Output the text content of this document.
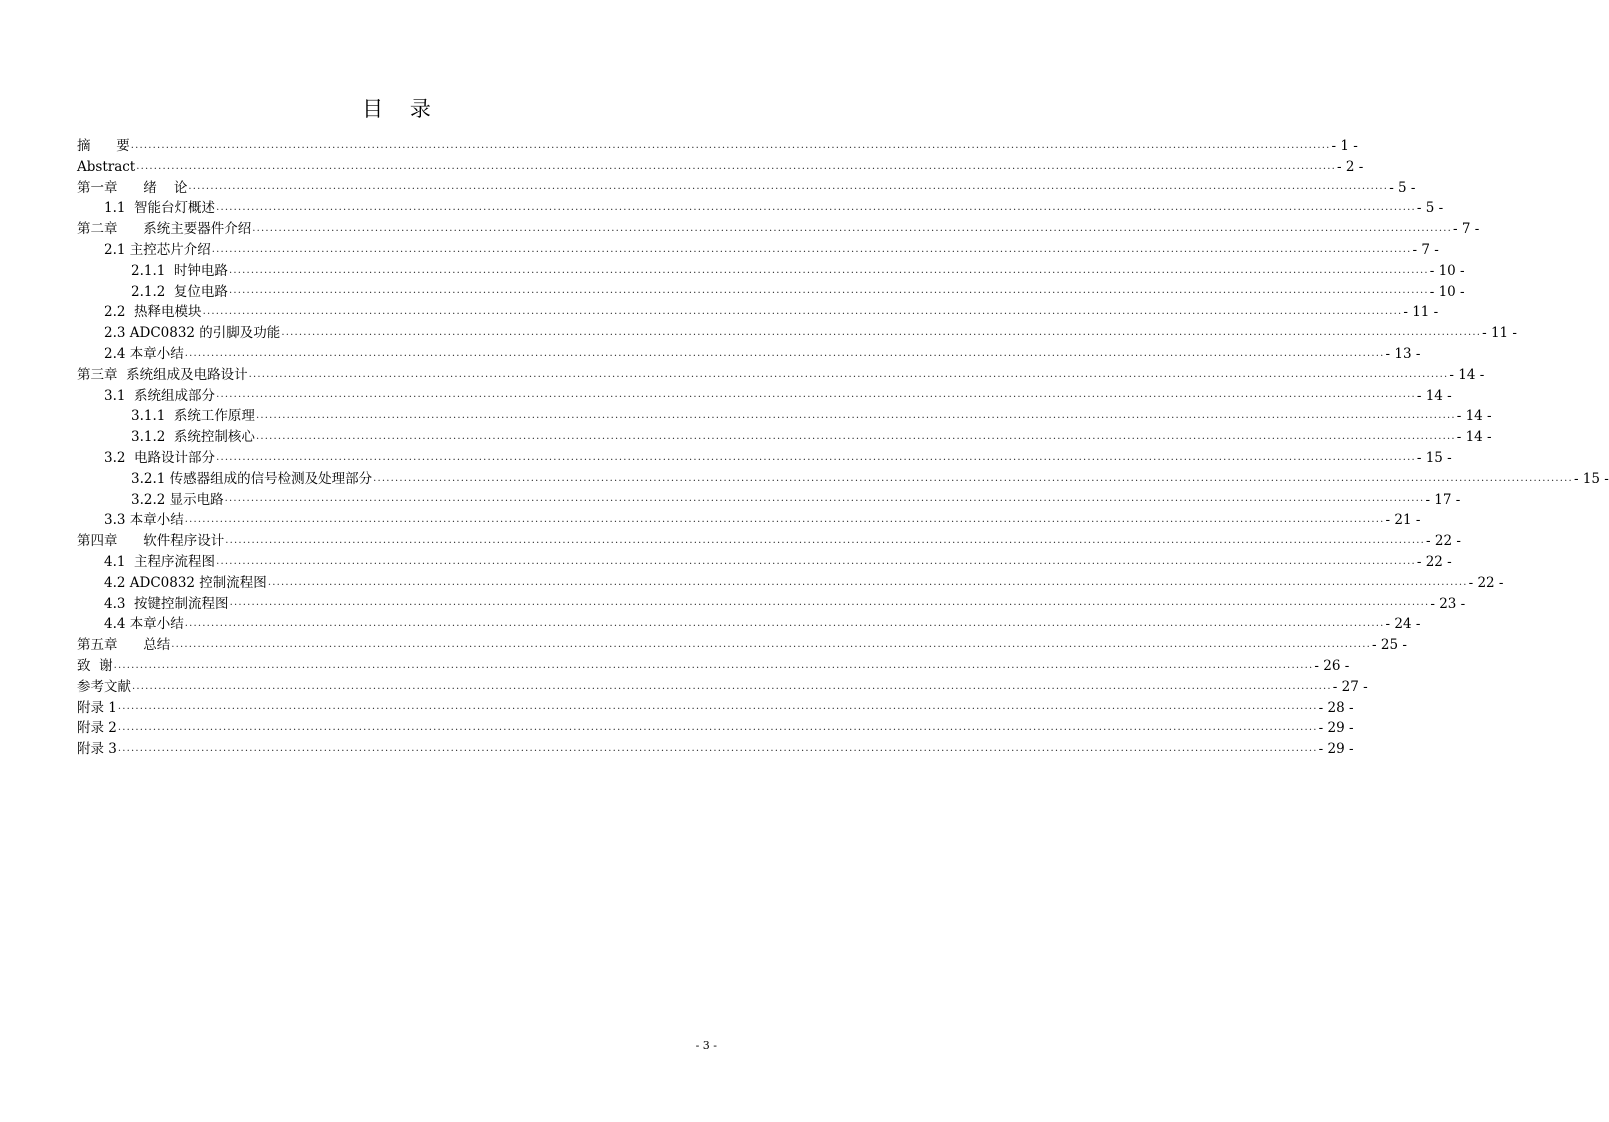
目    录
摘      要 .................................................................................................................................................................................................................................................................................. - 1 -
Abstract .................................................................................................................................................................................................................................................................................. - 2 -
第一章      绪    论 .................................................................................................................................................................................................................................................................................. - 5 -
1.1  智能台灯概述 .................................................................................................................................................................................................................................................................................. - 5 -
第二章      系统主要器件介绍 .................................................................................................................................................................................................................................................................................. - 7 -
2.1 主控芯片介绍 .................................................................................................................................................................................................................................................................................. - 7 -
2.1.1  时钟电路 .................................................................................................................................................................................................................................................................................. - 10 -
2.1.2  复位电路 .................................................................................................................................................................................................................................................................................. - 10 -
2.2  热释电模块 .................................................................................................................................................................................................................................................................................. - 11 -
2.3 ADC0832 的引脚及功能 .................................................................................................................................................................................................................................................................................. - 11 -
2.4 本章小结 .................................................................................................................................................................................................................................................................................. - 13 -
第三章  系统组成及电路设计 .................................................................................................................................................................................................................................................................................. - 14 -
3.1  系统组成部分 .................................................................................................................................................................................................................................................................................. - 14 -
3.1.1  系统工作原理 .................................................................................................................................................................................................................................................................................. - 14 -
3.1.2  系统控制核心 .................................................................................................................................................................................................................................................................................. - 14 -
3.2  电路设计部分 .................................................................................................................................................................................................................................................................................. - 15 -
3.2.1 传感器组成的信号检测及处理部分 .................................................................................................................................................................................................................................................................................. - 15 -
3.2.2 显示电路 .................................................................................................................................................................................................................................................................................. - 17 -
3.3 本章小结 .................................................................................................................................................................................................................................................................................. - 21 -
第四章      软件程序设计 .................................................................................................................................................................................................................................................................................. - 22 -
4.1  主程序流程图 .................................................................................................................................................................................................................................................................................. - 22 -
4.2 ADC0832 控制流程图 .................................................................................................................................................................................................................................................................................. - 22 -
4.3  按键控制流程图 .................................................................................................................................................................................................................................................................................. - 23 -
4.4 本章小结 .................................................................................................................................................................................................................................................................................. - 24 -
第五章      总结 .................................................................................................................................................................................................................................................................................. - 25 -
致  谢 .................................................................................................................................................................................................................................................................................. - 26 -
参考文献 .................................................................................................................................................................................................................................................................................. - 27 -
附录 1 .................................................................................................................................................................................................................................................................................. - 28 -
附录 2 .................................................................................................................................................................................................................................................................................. - 29 -
附录 3 .................................................................................................................................................................................................................................................................................. - 29 -
- 3 -
